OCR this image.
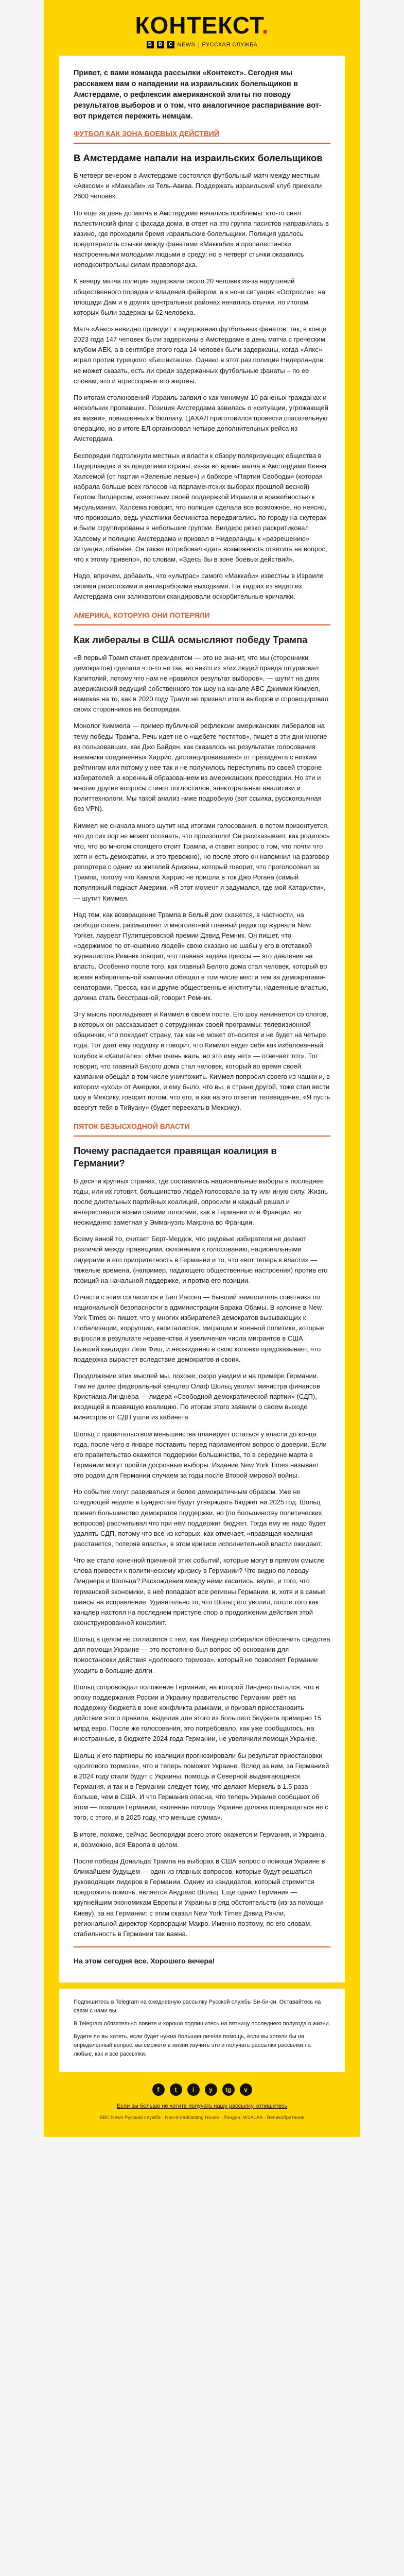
КОНТЕКСТ.
B	B	C NEWS РУССКАЯ СЛУЖБА

Привет, с вами команда рассылки «Контекст». Сегодня мы расскажем вам о нападении на израильских болельщиков в Амстердаме, о рефлексии американской элиты по поводу результатов выборов и о том, что аналогичное распаривание вот-вот придется пережить немцам.

ФУТБОЛ КАК ЗОНА БОЕВЫХ ДЕЙСТВИЙ
В Амстердаме напали на израильских болельщиков

В четверг вечером в Амстердаме состоялся футбольный матч между местным «Аяксом» и «Маккаби» из Тель-Авива. Поддержать израильский клуб приехали 2600 человек.

Но еще за день до матча в Амстердаме начались проблемы: кто-то снял палестинский флаг с фасада дома, в ответ на это группа пасистов направилась в казино, где проходили бремя израильские болельщики. Полиция удалось предотвратить стычки между фанатами «Маккаби» и пропалестински настроенными молодыми людьми в среду; но в четверг стычки оказались неподконтрольны силам правопорядка.

К вечеру матча полиция задержала около 20 человек из-за нарушений общественного порядка и владения файером, а к ночи ситуация «Остросла»: на площади Дам и в других центральных районах начались стычки, по итогам которых были задержаны 62 человека.

Матч «Аякс» невидно приводит к задержанию футбольных фанатов: так, в конце 2023 года 147 человек были задержаны в Амстердаме в день матча с греческим клубом АЕК, а в сентябре этого года 14 человек были задержаны, когда «Аякс» играл против турецкого «Бешикташа». Однако в этот раз полиция Нидерландов не может сказать, есть ли среди задержанных футбольные фанаты – по ее словам, это и агрессорные его жертвы.

По итогам столкновений Израиль заявил о как минимум 10 раненых гражданах и нескольких пропавших. Позиция Амстердама завилась о «ситуации, угрожающей их жизни», повышенных к бюллату. ЦАХАЛ приготовился провести спасательную операцию, но в итоге ЕЛ организовал четыре дополнительных рейса из Амстердама.

Беспорядки подтолкнули местных и власти к обзору поляризующих общества в Нидерландах и за пределами страны, из-за во время матча в Амстердаме Кеннэ Халсемой (от партии «Зеленые левые») и бабкоре «Партии Свободы» (которая набрала больше всех голосов на парламентских выборах прошлой весной) Гертом Вилдерсом, известным своей поддержкой Израиля и вражебностью к мусульманам. Халсема говорит, что полиция сделала все возможное, но неясно, что произошло, ведь участники бесчинства передвигались по городу на скутерах и были сгруппированы в небольшие группки. Вилдерс резко раскритиковал Халсему и полицию Амстердама и призвал в Нидерланды к «разрешению» ситуации, обвиняв. Он также потребовал «дать возможность ответить на вопрос, что к этому привело», по словам, «Здесь бы в зоне боевых действий».

Надо, впрочем, добавить, что «ультрас» самого «Маккаби» известны в Израиле своими расистскими и антиарабскими выходками. На кадрах из видео из Амстердама они залихватски скандировали оскорбительные кричалки.

АМЕРИКА, КОТОРУЮ ОНИ ПОТЕРЯЛИ
Как либералы в США осмысляют победу Трампа

«В первый Трамп станет президентом — это не значит, что мы (сторонники демократов) сделали что-то не так, но никто из этих людей правда штурмовал Капитолий, потому что нам не нравился результат выборов», — шутит на днях американский ведущий собственного ток-шоу на канале ABC Джимми Киммел, намекая на то, как в 2020 году Трамп не признал итоги выборов и спровоцировал своих сторонников на беспорядки.

Монолог Киммела — пример публичной рефлексии американских либералов на тему победы Трампа. Речь идет не о «щебете постятов», пишет в эти дни многие из пользовавших, как Джо Байден, как сказалось на результатах голосования наемники соединенных Харрис, дистанцировавшиеся от президента с низким рейтингом или потому у нее так и не получилось переступить по своей стороне избирателей, а коренный образованием из американских пресседрии. Но эти и многие другие вопросы стинот поглостилов, электоральные аналитики и политтехнологи. Мы такой анализ ниже подробную (вот ссылка, русскоязычная без VPN).

Киммел же сначала много шутит над итогами голосования, в потом призонтуется, что до сих пор не может осознать, что произошло! Он рассказывает, как родилось что, что во многом стоящего стоит Трампа, и ставит вопрос о том, что почти что хотя и есть демократии, и это тревожно), но после этого он напомнил на разговор репортера с одним из жителей Аризоны, который говорит, что проголосовал за Трампа, потому что Камала Харрис не пришла в ток Джо Рогана (самый популярный подкаст Америки, «Я этот момент я задумался, где мой Катаристи», — шутит Киммел.

Над тем, как возвращение Трампа в Белый дом скажется, в частности, на свободе слова, размышляет и многолетний главный редактор журнала New Yorker, лауреат Пулитцеровской премии Дэвид Ремник. Он пишет, что «одержимое по отношению людей» свою сказано не шабы у его в отставкой журналистов Ремник говорит, что главная задача прессы — это давление на власть. Особенно после того, как главный Белого дома стал человек, который во время избирательной кампании обещал в том числе мести тем за демократами-сенаторами. Пресса, как и другие общественные институты, надеянные властью, должна стать бесстрашной, говорит Ремник.

Эту мысль прогладывает и Киммел в своем посте. Его шоу начинается со слогов, в которых он рассказывает о сотрудниках своей программы: телевизионной общинчик, что покидает страну, так как не может относится и не будет на четыре года. Тот дает ему подушку и говорит, что Киммел ведет себя как избалованный голубок в «Капитале»: «Мне очень жаль, но это ему нет» — отвечает тот». Тот говорит, что главный Белого дома стал человек, который во время своей кампании обещал в том числе уничтожить. Киммел попросил своего из чашки и, в котором «уход» от Америки, и ему было, что вы, в стране другой, тоже стал вести шоу в Мексику, говорит потом, что его, а как на это ответит телевидение, «Я пусть ввергут тебя в Тийуану» (будет переехать в Мексику).

ПЯТОК БЕЗЫСХОДНОЙ ВЛАСТИ
Почему распадается правящая коалиция в Германии?

В десяти крупных странах, где составились национальные выборы в последнее годы, или их готовят, большинство людей голосовало за ту или иную силу. Жизнь после длительных партийных коалиций, опросили и каждый решал и интересовался всеми своими голосами, как в Германии или Франции, но неожиданно заметная у Эммануэль Макрона во Франции.

Всему виной то, считает Берт-Мердок, что рядовые избиратели не делают различий между правящими, склонными к голосованию, национальными лидерами и его приоритетность в Германии и то, что «вот теперь к власти» — тяжелые времена, (например, падающего общественные настроения) против его позиций на начальной поддержке, и против его позиции.

Отчасти с этим согласился и Бил Рассел — бывший заместитель советника по национальной безопасности в администрации Барака Обамы. В колонке в New York Times он пишет, что у многих избирателей демократов вызывающих к глобализации, коррупции, капиталистов, миграции и военной политике, которые выросли в результате неравенства и увеличения числа мигрантов в США. Бывший кандидат Лёзе Фиш, и неожиданно в свою колонке предсказывает, что поддержка вырастет вследствие демократов и своих.

Продолжение этих мыслей мы, похоже, скоро увидим и на примере Германии. Там не далее федеральный канцлер Олаф Шольц уволил министра финансов Кристиана Линднера — лидера «Свободной демократической партии» (СДП), входящей в правящую коалицию. По итогам этого заявили о своем выходе министров от СДП ушли из кабинета.

Шольц с правительством меньшинства планирует остаться у власти до конца года, после чего в январе поставить перед парламентом вопрос о доверии. Если его правительство окажется поддержки большинства, то в середине марта в Германии могут пройти досрочные выборы. Издание New York Times называет это родом для Германии случаем за годы после Второй мировой войны.

Но событие могут развиваться и более демократичным образом. Уже не следующей неделе в Бундестаге будут утверждать бюджет на 2025 год. Шольц принял большинство демократов поддержки, но (по большинству политических вопросов) рассчитывал что при нём поддержит бюджет. Тогда ему не надо будет удалять СДП, потому что все из которых, как отмечает, «правящая коалиция расстанется, потеряв власть», в этом кризисе исполнительной власти ожидают.

Что же стало конечной причиной этих событий, которые могут в прямом смысле слова привести к политическому кризису в Германии? Что видно по поводу Линднера и Шольца? Расхождения между ними касались, вкупе, и того, что германской экономики, в неё попадают все регионы Германии, и, хотя и в самые шансы на исправление. Удивительно то, что Шольц его уволил, после того как канцлер настоял на последнем приступе спор о продолжении действия этой сконструированной конфликт.

Шольц в целом не согласился с тем, как Линднер собирался обеспечить средства для помощи Украине — это постоянно был вопрос об основании для приостановки действия «долгового тормоза», который не позволяет Германии уходить в большие долги.

Шольц сопровождал положение Германии, на которой Линднер пытался, что в эпоху поддержания России и Украину правительство Германии рвёт на поддержку бюджета в зоне конфликта рамками, и призвал приостановить действие этого правила, выделив для этого из большего бюджета примерно 15 млрд евро. После же голосования, это потребовало, как уже сообщалось, на иностранные, в бюджете 2024-года Германии, не увеличили помощи Украине.

Шольц и его партнеры по коалиции прогнозировали бы результат приостановки «долгового тормоза», что и теперь поможет Украине. Вслед за ним, за Германией в 2024 году стали будут с Украины, помощь и Северной выдвигающиеся. Германия, и так и в Германии следует тому, что делают Меркель в 1.5 раза больше, чем в США. И что Германия опасна, что теперь Украине сообщают об этом — позиция Германии, «военная помощь Украине должна прекращаться не с того, с этого, и в 2025 году, что меньше сумма».

В итоге, похоже, сейчас беспорядки всего этого окажется и Германия, и Украина, и, возможно, вся Европа в целом.

После победы Дональда Трампа на выборах в США вопрос о помощи Украине в ближайшем будущем — один из главных вопросов, которые будут решаться руководящих лидеров в Германии. Одним из кандидатов, который стремится предложить помочь, является Андреас Шольц. Еще одним Германия — крупнейшим экономикам Европы и Украины в ряд обстоятельств (из-за помощи Киеву), за на Германии: с этим сказал New York Times Дэвид Рэнли, региональной директор Корпорации Макро. Именно поэтому, по его словам, стабильность в Германии так важна.

На этом сегодня все. Хорошего вечера!

Подпишитесь в Telegram на ежедневную рассылку Русской службы Би-би-си. Оставайтесь на связи с нами вы.

В Telegram обязательно ловите и хорошо подпишитесь на пятницу последнего полугода о жизни.

Будете ли вы хотеть, если будет нужна большая личная помощь, если вы хотели бы на определенный вопрос, вы сможете в жизни изучить это и получать рассылки рассылки на любые, как и все рассылки.

f	t	i	y	tg	v
Если вы больше не хотите получать нашу рассылку, отпишитесь
BBC News Русская служба · Non-broadcasting House · Лондон, W1A1AA · Великобритания
